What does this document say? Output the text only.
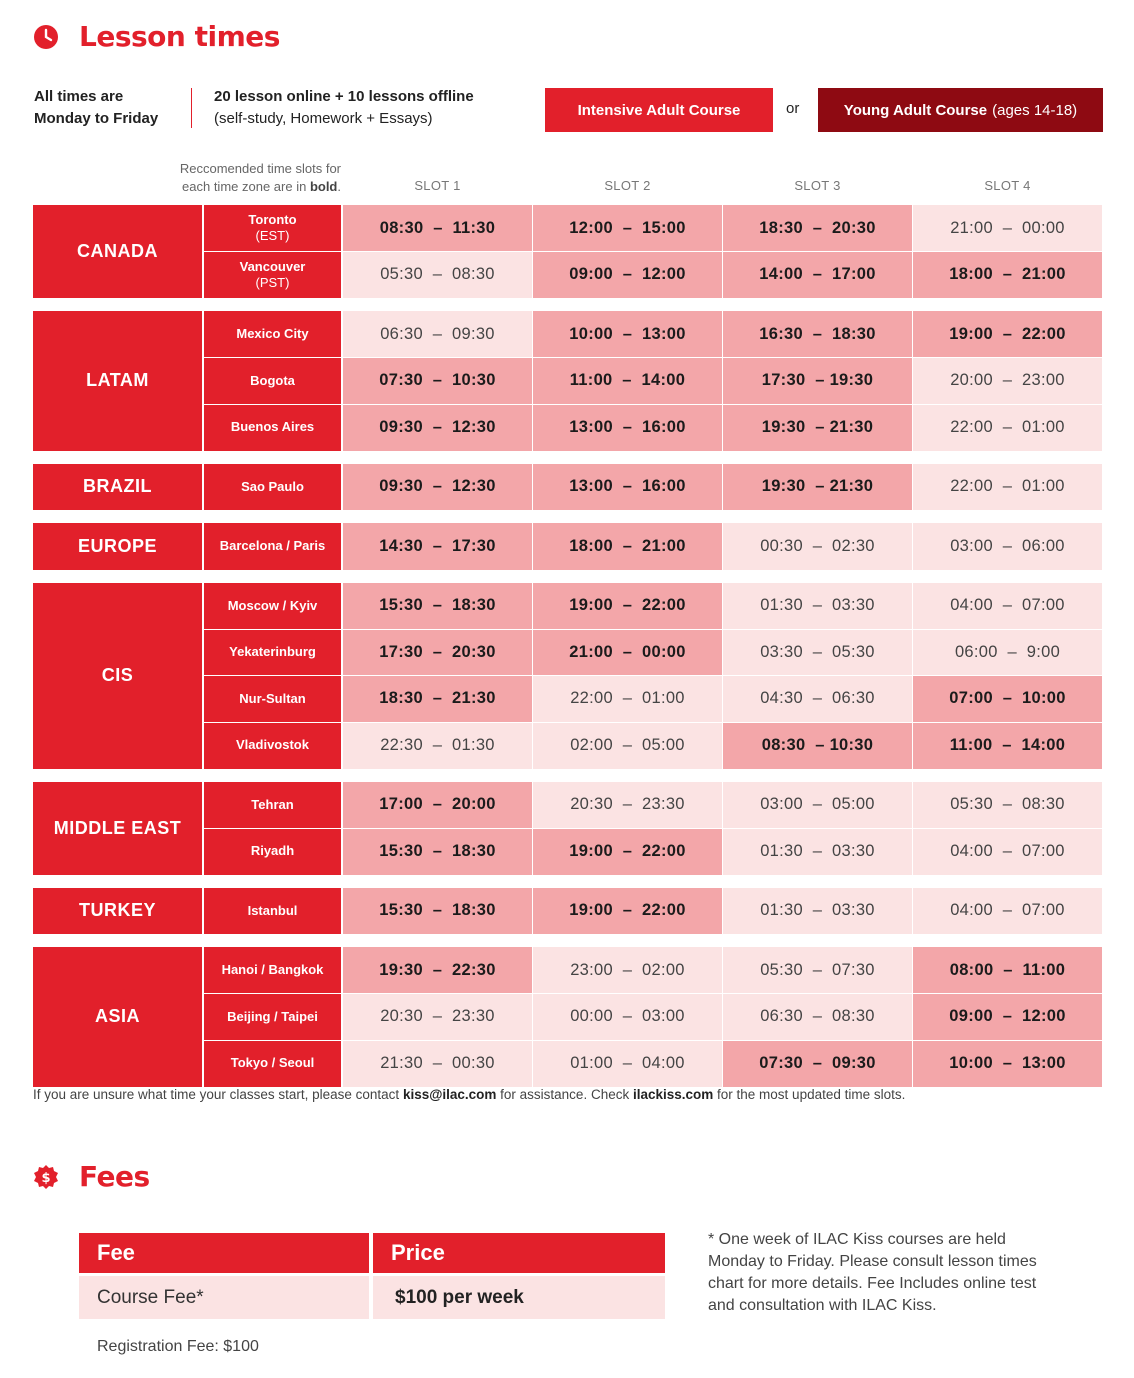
Lesson times
All times are
Monday to Friday
20 lesson online + 10 lessons offline
(self-study, Homework + Essays)	Intensive Adult Course	or	Young Adult Course (ages 14-18)
Reccomended time slots for
each time zone are in bold.	SLOT 1	SLOT 2	SLOT 3	SLOT 4
CANADA
Toronto
(EST)	08:30  –  11:30	12:00  –  15:00	18:30  –  20:30	21:00  –  00:00
Vancouver
(PST)	05:30  –  08:30	09:00  –  12:00	14:00  –  17:00	18:00  –  21:00
LATAM
Mexico City	06:30  –  09:30	10:00  –  13:00	16:30  –  18:30	19:00  –  22:00
Bogota	07:30  –  10:30	11:00  –  14:00	17:30  – 19:30	20:00  –  23:00
Buenos Aires	09:30  –  12:30	13:00  –  16:00	19:30  – 21:30	22:00  –  01:00
BRAZIL	Sao Paulo	09:30  –  12:30	13:00  –  16:00	19:30  – 21:30	22:00  –  01:00
EUROPE	Barcelona / Paris	14:30  –  17:30	18:00  –  21:00	00:30  –  02:30	03:00  –  06:00
CIS
Moscow / Kyiv	15:30  –  18:30	19:00  –  22:00	01:30  –  03:30	04:00  –  07:00
Yekaterinburg	17:30  –  20:30	21:00  –  00:00	03:30  –  05:30	06:00  –  9:00
Nur-Sultan	18:30  –  21:30	22:00  –  01:00	04:30  –  06:30	07:00  –  10:00
Vladivostok	22:30  –  01:30	02:00  –  05:00	08:30  – 10:30	11:00  –  14:00
MIDDLE EAST
Tehran	17:00  –  20:00	20:30  –  23:30	03:00  –  05:00	05:30  –  08:30
Riyadh	15:30  –  18:30	19:00  –  22:00	01:30  –  03:30	04:00  –  07:00
TURKEY	Istanbul	15:30  –  18:30	19:00  –  22:00	01:30  –  03:30	04:00  –  07:00
ASIA
Hanoi / Bangkok	19:30  –  22:30	23:00  –  02:00	05:30  –  07:30	08:00  –  11:00
Beijing / Taipei	20:30  –  23:30	00:00  –  03:00	06:30  –  08:30	09:00  –  12:00
Tokyo / Seoul	21:30  –  00:30	01:00  –  04:00	07:30  –  09:30	10:00  –  13:00
If you are unsure what time your classes start, please contact kiss@ilac.com for assistance. Check ilackiss.com for the most updated time slots.
$ Fees
Fee	Price
Course Fee*	$100 per week
Registration Fee: $100
* One week of ILAC Kiss courses are held Monday to Friday. Please consult lesson times chart for more details. Fee Includes online test and consultation with ILAC Kiss.
